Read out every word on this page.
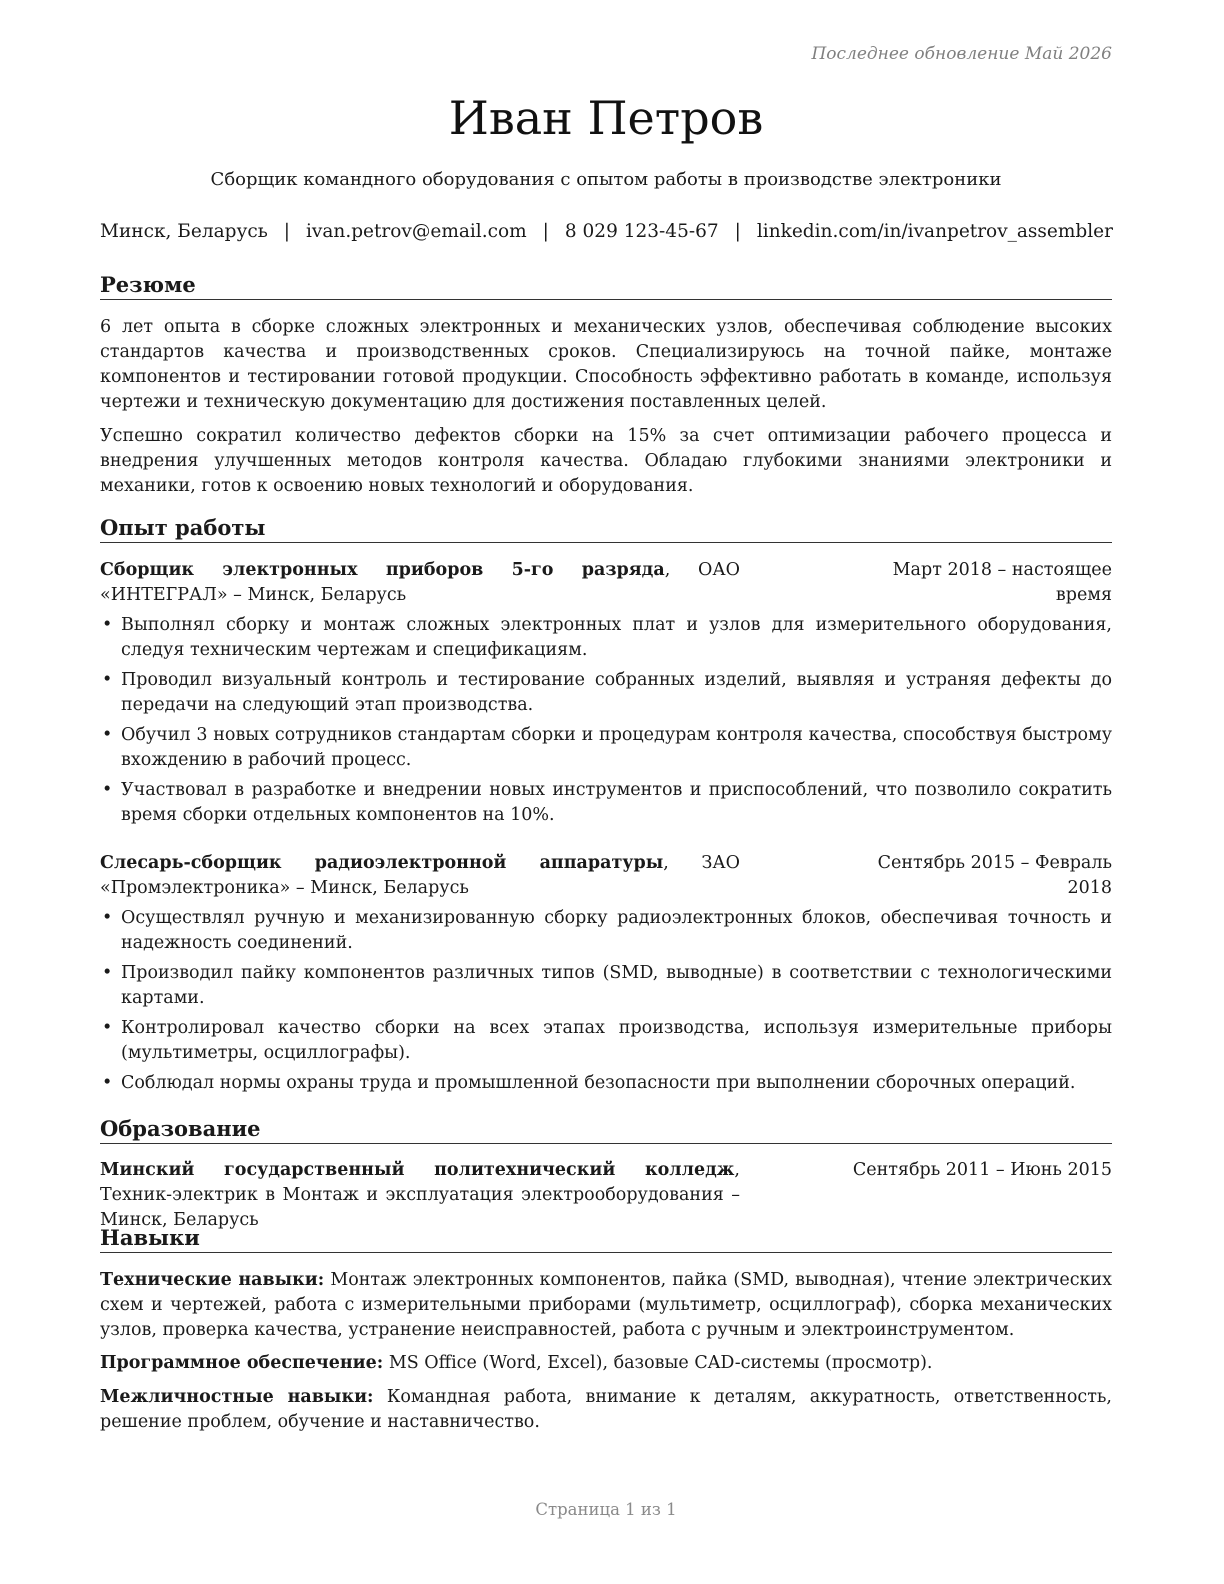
Последнее обновление Май 2026
Иван Петров
Сборщик командного оборудования с опытом работы в производстве электроники
Минск, Беларусь | ivan.petrov@email.com | 8 029 123-45-67 | linkedin.com/in/ivanpetrov_assembler
Резюме
6 лет опыта в сборке сложных электронных и механических узлов, обеспечивая соблюдение высоких стандартов качества и производственных сроков. Специализируюсь на точной пайке, монтаже компонентов и тестировании готовой продукции. Способность эффективно работать в команде, используя чертежи и техническую документацию для достижения поставленных целей.
Успешно сократил количество дефектов сборки на 15% за счет оптимизации рабочего процесса и внедрения улучшенных методов контроля качества. Обладаю глубокими знаниями электроники и механики, готов к освоению новых технологий и оборудования.
Опыт работы
Сборщик электронных приборов 5-го разряда, ОАО «ИНТЕГРАЛ» – Минск, Беларусь
Март 2018 – настоящее время
• Выполнял сборку и монтаж сложных электронных плат и узлов для измерительного оборудования, следуя техническим чертежам и спецификациям.
• Проводил визуальный контроль и тестирование собранных изделий, выявляя и устраняя дефекты до передачи на следующий этап производства.
• Обучил 3 новых сотрудников стандартам сборки и процедурам контроля качества, способствуя быстрому вхождению в рабочий процесс.
• Участвовал в разработке и внедрении новых инструментов и приспособлений, что позволило сократить время сборки отдельных компонентов на 10%.
Слесарь-сборщик радиоэлектронной аппаратуры, ЗАО «Промэлектроника» – Минск, Беларусь
Сентябрь 2015 – Февраль 2018
• Осуществлял ручную и механизированную сборку радиоэлектронных блоков, обеспечивая точность и надежность соединений.
• Производил пайку компонентов различных типов (SMD, выводные) в соответствии с технологическими картами.
• Контролировал качество сборки на всех этапах производства, используя измерительные приборы (мультиметры, осциллографы).
• Соблюдал нормы охраны труда и промышленной безопасности при выполнении сборочных операций.
Образование
Минский государственный политехнический колледж, Техник-электрик в Монтаж и эксплуатация электрооборудования – Минск, Беларусь
Сентябрь 2011 – Июнь 2015
Навыки
Технические навыки: Монтаж электронных компонентов, пайка (SMD, выводная), чтение электрических схем и чертежей, работа с измерительными приборами (мультиметр, осциллограф), сборка механических узлов, проверка качества, устранение неисправностей, работа с ручным и электроинструментом.
Программное обеспечение: MS Office (Word, Excel), базовые CAD-системы (просмотр).
Межличностные навыки: Командная работа, внимание к деталям, аккуратность, ответственность, решение проблем, обучение и наставничество.
Страница 1 из 1
